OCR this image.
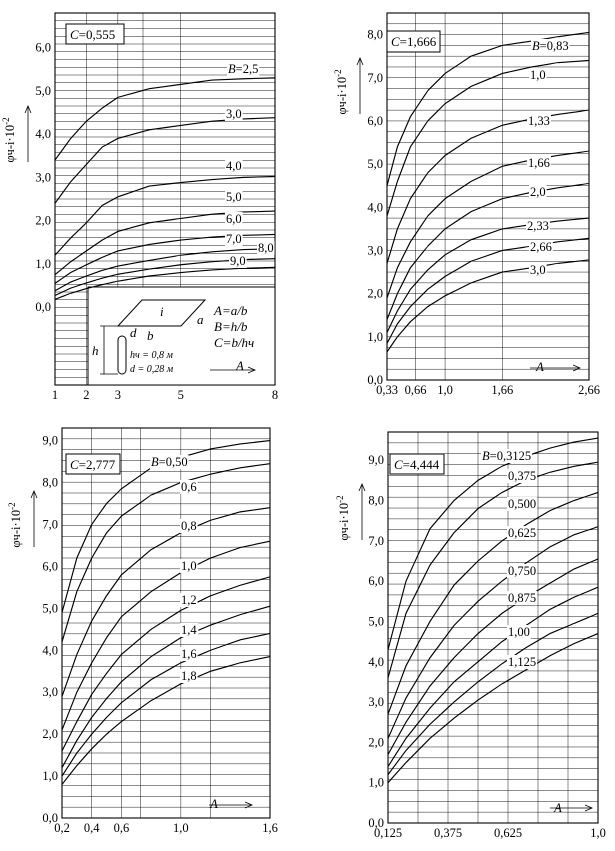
i
a
b
h
d
A=a/b
B=h/b
C=b/hч
hч = 0,8 м
d = 0,28 м
B=2,5
3,0
4,0
5,0
6,0
7,0
8,0
9,0
C=0,555
0,0
1,0
2,0
3,0
4,0
5,0
6,0
1 2 3	5	8
A
$\varphi ч-i\cdot 10^{-2}$
B=0,83
1,0
1,33
1,66
2,0
2,33
2,66
3,0
C=1,666
0,0
1,0
2,0
3,0
4,0
5,0
6,0
7,0
8,0
0,33 0,66 1,0	1,66	2,66
A
$\varphi ч-i\cdot 10^{-2}$
B=0,50
0,6
0,8
1,0
1,2
1,4
1,6
1,8
C=2,777
0,0
1,0
2,0
3,0
4,0
5,0
6,0
7,0
8,0
9,0
0,2 0,4 0,6	1,0	1,6
A
$\varphi ч-i\cdot 10^{-2}$
B=0,3125
0,375
0,500
0,625
0,750
0,875
1,00
1,125
C=4,444
0,0
1,0
2,0
3,0
4,0
5,0
6,0
7,0
8,0
9,0
0,125	0,375	0,625	1,0
A
$\varphi ч-i\cdot 10^{-2}$
